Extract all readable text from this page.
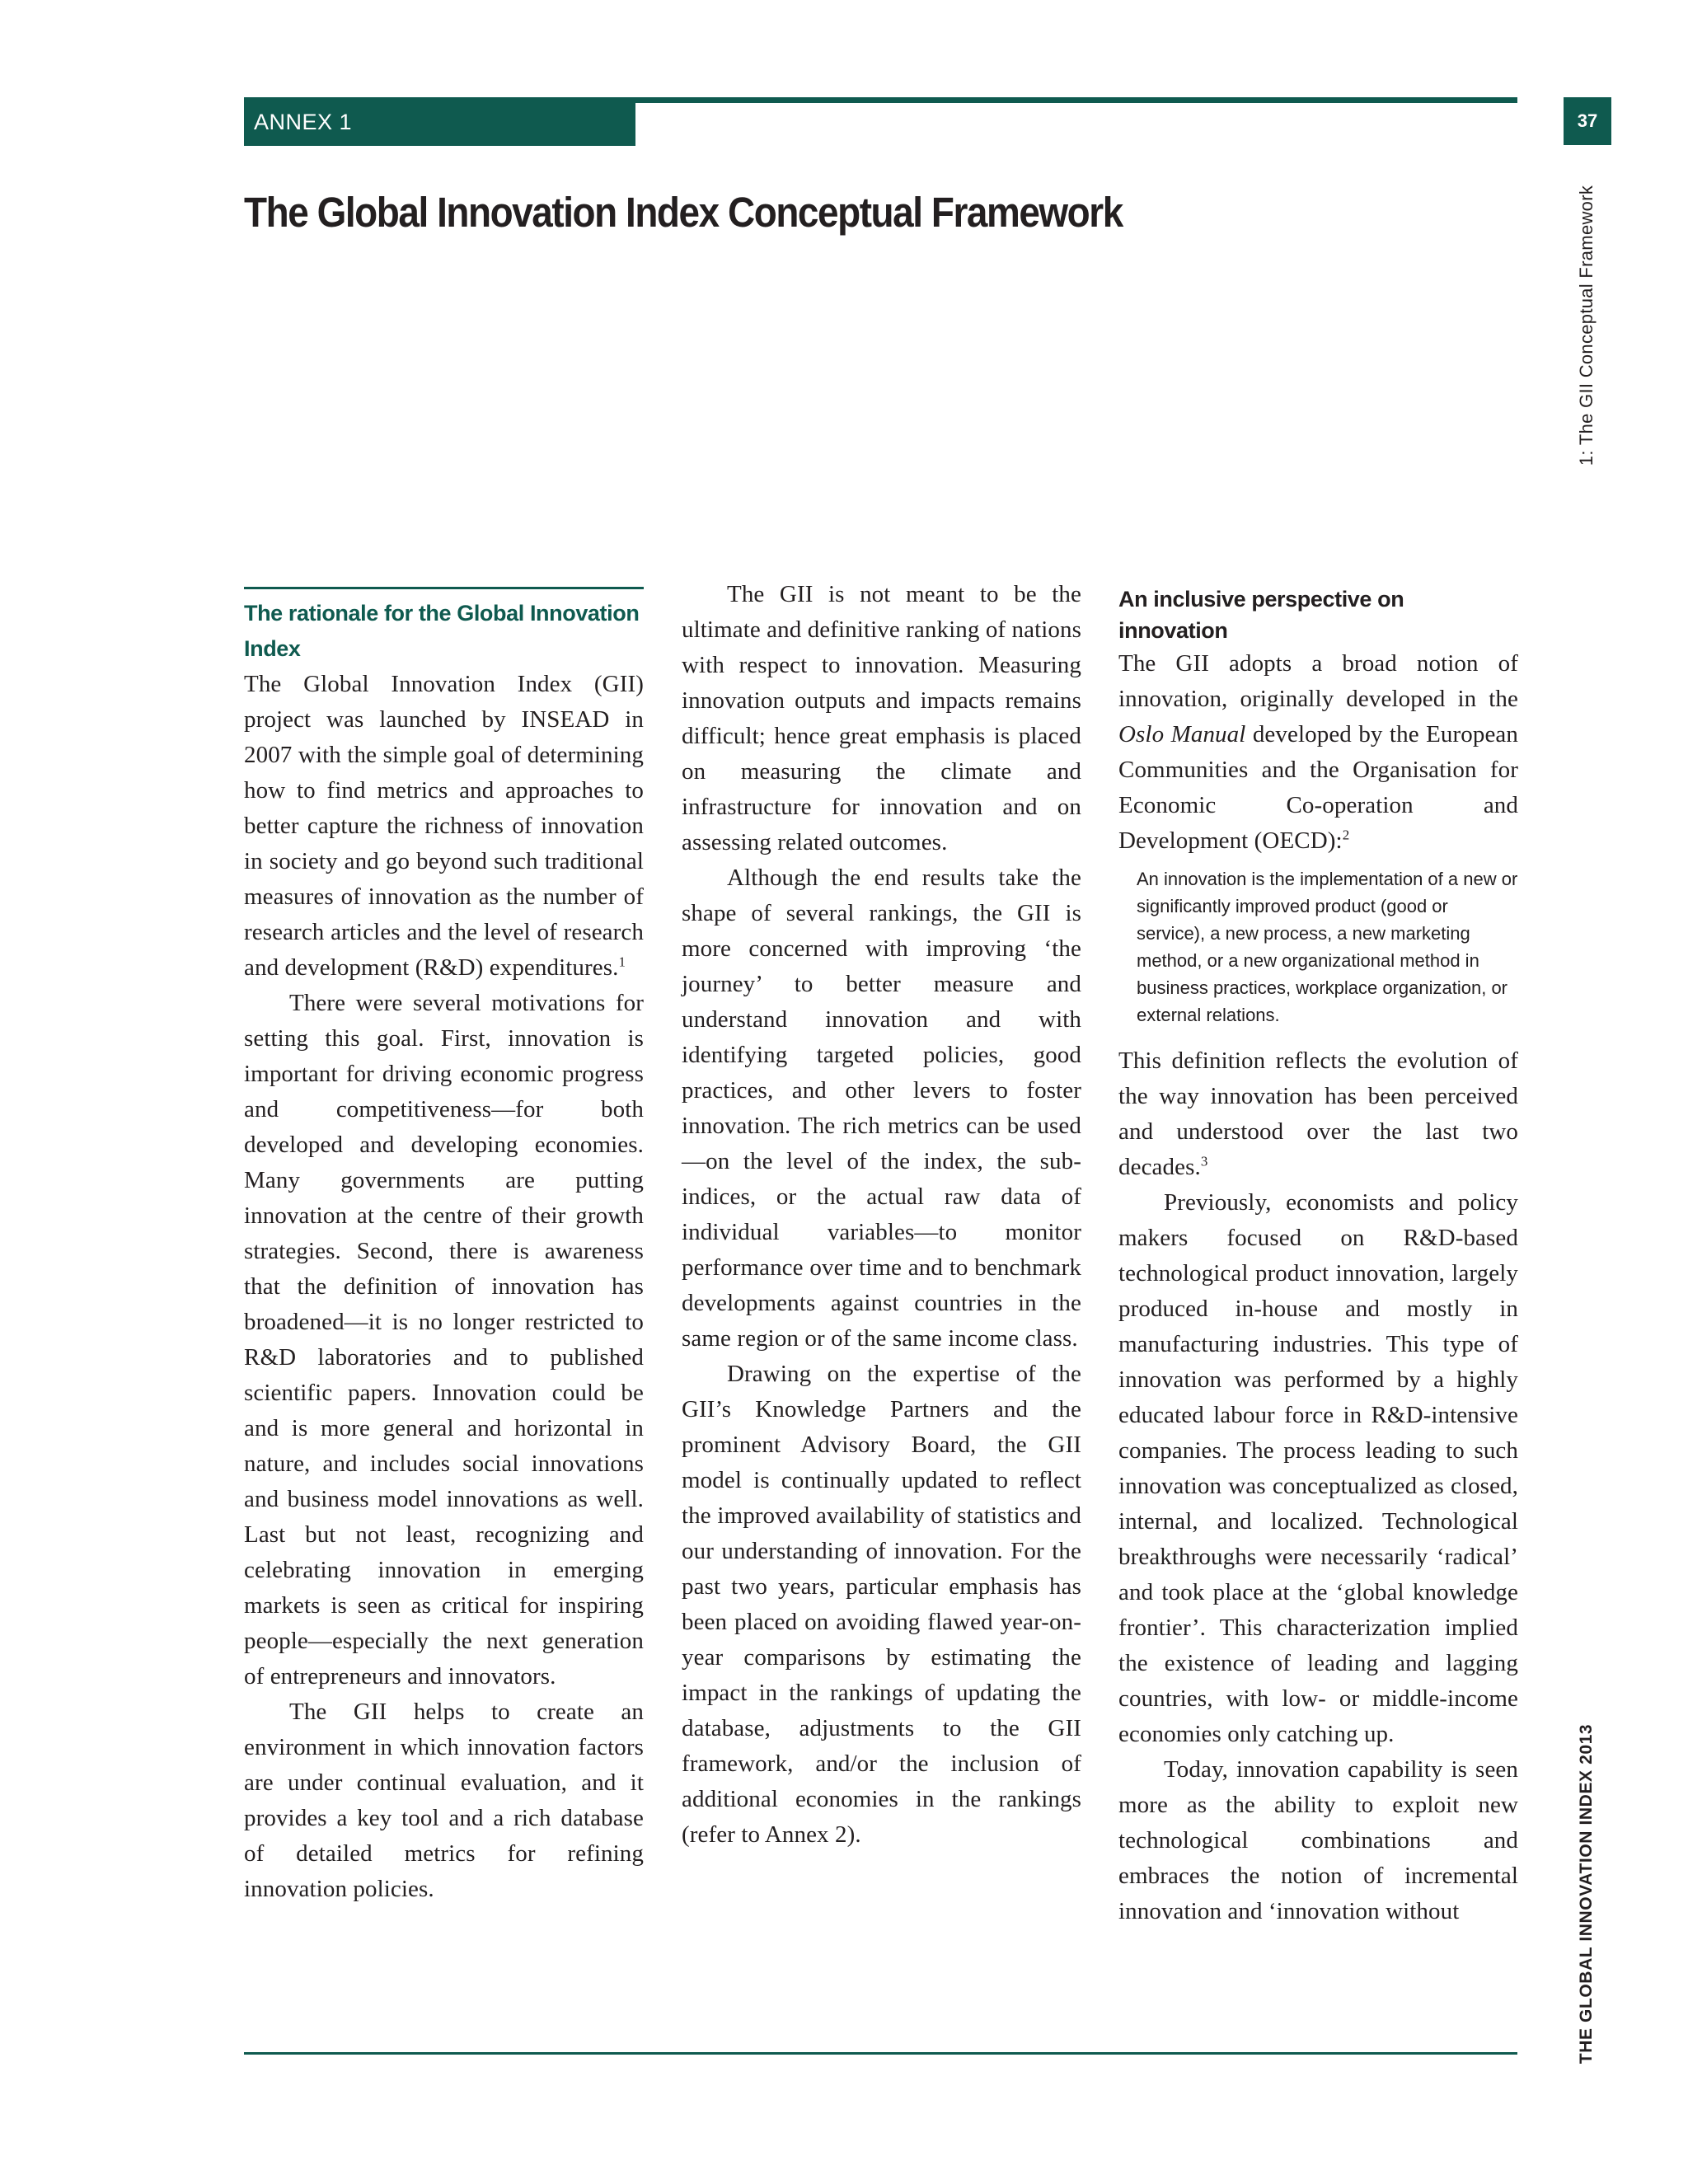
ANNEX 1	37
1: The GII Conceptual Framework
THE GLOBAL INNOVATION INDEX 2013
The Global Innovation Index Conceptual Framework
The rationale for the Global Innovation Index

The Global Innovation Index (GII) project was launched by INSEAD in 2007 with the simple goal of determining how to find metrics and approaches to better capture the richness of innovation in society and go beyond such traditional measures of innovation as the number of research articles and the level of research and development (R&D) expenditures.$^1$

There were several motivations for setting this goal. First, innovation is important for driving economic progress and competitiveness—for both developed and developing economies. Many governments are putting innovation at the centre of their growth strategies. Second, there is awareness that the definition of innovation has broadened—it is no longer restricted to R&D laboratories and to published scientific papers. Innovation could be and is more general and horizontal in nature, and includes social innovations and business model innovations as well. Last but not least, recognizing and celebrating innovation in emerging markets is seen as critical for inspiring people—especially the next generation of entrepreneurs and innovators.

The GII helps to create an environment in which innovation factors are under continual evaluation, and it provides a key tool and a rich database of detailed metrics for refining innovation policies.

The GII is not meant to be the ultimate and definitive ranking of nations with respect to innovation. Measuring innovation outputs and impacts remains difficult; hence great emphasis is placed on measuring the climate and infrastructure for innovation and on assessing related outcomes.

Although the end results take the shape of several rankings, the GII is more concerned with improving ‘the journey’ to better measure and understand innovation and with identifying targeted policies, good practices, and other levers to foster innovation. The rich metrics can be used—on the level of the index, the sub-indices, or the actual raw data of individual variables—to monitor performance over time and to benchmark developments against countries in the same region or of the same income class.

Drawing on the expertise of the GII’s Knowledge Partners and the prominent Advisory Board, the GII model is continually updated to reflect the improved availability of statistics and our understanding of innovation. For the past two years, particular emphasis has been placed on avoiding flawed year-on-year comparisons by estimating the impact in the rankings of updating the database, adjustments to the GII framework, and/or the inclusion of additional economies in the rankings (refer to Annex 2).

An inclusive perspective on innovation

The GII adopts a broad notion of innovation, originally developed in the Oslo Manual developed by the European Communities and the Organisation for Economic Co-operation and Development (OECD):$^2$

An innovation is the implementation of a new or significantly improved product (good or service), a new process, a new marketing method, or a new organizational method in business practices, workplace organization, or external relations.

This definition reflects the evolution of the way innovation has been perceived and understood over the last two decades.$^3$

Previously, economists and policy makers focused on R&D-based technological product innovation, largely produced in-house and mostly in manufacturing industries. This type of innovation was performed by a highly educated labour force in R&D-intensive companies. The process leading to such innovation was conceptualized as closed, internal, and localized. Technological breakthroughs were necessarily ‘radical’ and took place at the ‘global knowledge frontier’. This characterization implied the existence of leading and lagging countries, with low- or middle-income economies only catching up.

Today, innovation capability is seen more as the ability to exploit new technological combinations and embraces the notion of incremental innovation and ‘innovation without
